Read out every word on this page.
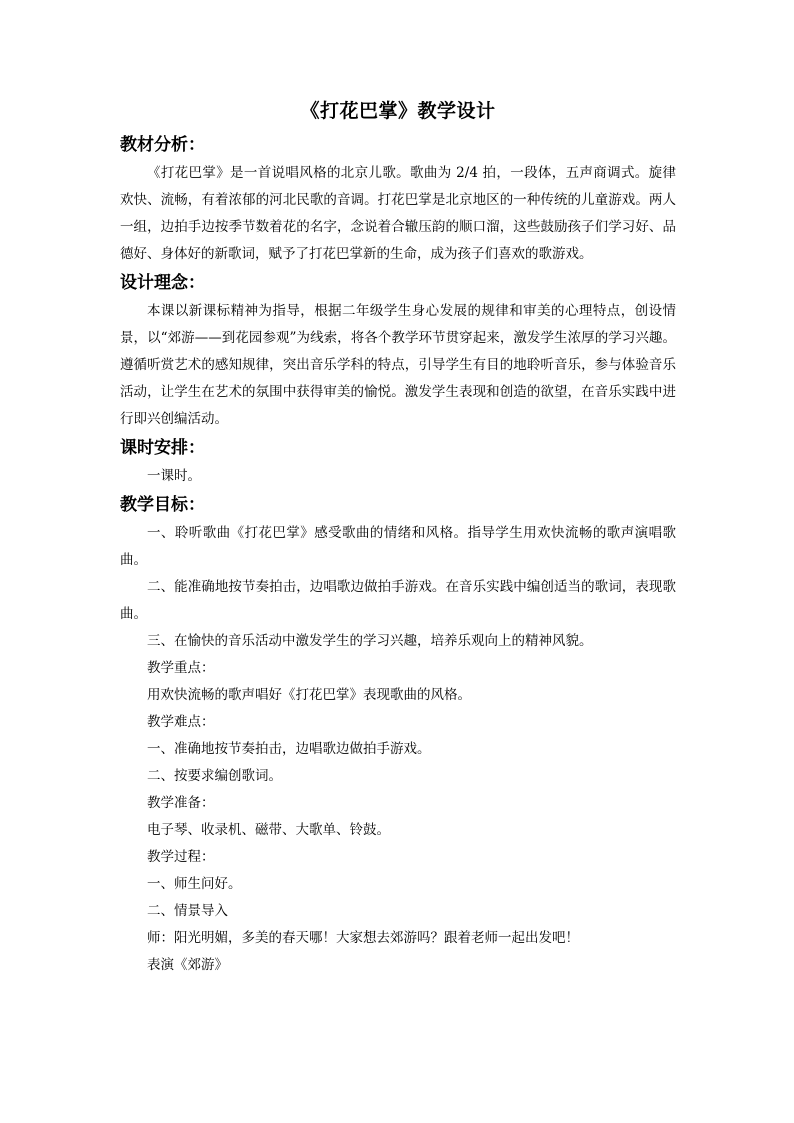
《打花巴掌》教学设计
教材分析：

《打花巴掌》是一首说唱风格的北京儿歌。歌曲为 2/4 拍，一段体，五声商调式。旋律欢快、流畅，有着浓郁的河北民歌的音调。打花巴掌是北京地区的一种传统的儿童游戏。两人一组，边拍手边按季节数着花的名字，念说着合辙压韵的顺口溜，这些鼓励孩子们学习好、品德好、身体好的新歌词，赋予了打花巴掌新的生命，成为孩子们喜欢的歌游戏。

设计理念：

本课以新课标精神为指导，根据二年级学生身心发展的规律和审美的心理特点，创设情景，以“郊游——到花园参观”为线索，将各个教学环节贯穿起来，激发学生浓厚的学习兴趣。遵循听赏艺术的感知规律，突出音乐学科的特点，引导学生有目的地聆听音乐，参与体验音乐活动，让学生在艺术的氛围中获得审美的愉悦。激发学生表现和创造的欲望，在音乐实践中进行即兴创编活动。

课时安排：

一课时。

教学目标：

一、聆听歌曲《打花巴掌》感受歌曲的情绪和风格。指导学生用欢快流畅的歌声演唱歌曲。

二、能准确地按节奏拍击，边唱歌边做拍手游戏。在音乐实践中编创适当的歌词，表现歌曲。

三、在愉快的音乐活动中激发学生的学习兴趣，培养乐观向上的精神风貌。

教学重点：

用欢快流畅的歌声唱好《打花巴掌》表现歌曲的风格。

教学难点：

一、准确地按节奏拍击，边唱歌边做拍手游戏。

二、按要求编创歌词。

教学准备：

电子琴、收录机、磁带、大歌单、铃鼓。

教学过程：

一、师生问好。

二、情景导入

师：阳光明媚，多美的春天哪！大家想去郊游吗？跟着老师一起出发吧！

表演《郊游》
